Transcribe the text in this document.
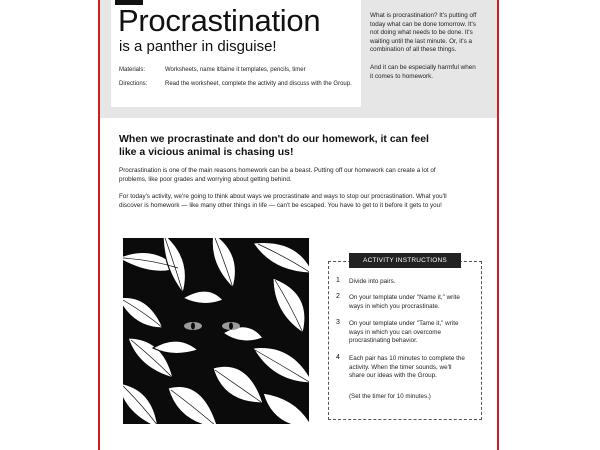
Procrastination
is a panther in disguise!
Materials:	Worksheets, name it/tame it templates, pencils, timer
Directions:	Read the worksheet, complete the activity and discuss with the Group.

What is procrastination? It's putting off today what can be done tomorrow. It's not doing what needs to be done. It's waiting until the last minute. Or, it's a combination of all these things.

And it can be especially harmful when it comes to homework.

When we procrastinate and don't do our homework, it can feel like a vicious animal is chasing us!

Procrastination is one of the main reasons homework can be a beast. Putting off our homework can create a lot of problems, like poor grades and worrying about getting behind.

For today's activity, we're going to think about ways we procrastinate and ways to stop our procrastination. What you'll discover is homework — like many other things in life — can't be escaped. You have to get to it before it gets to you!

ACTIVITY INSTRUCTIONS
1 Divide into pairs.
2 On your template under "Name it," write ways in which you procrastinate.
3 On your template under "Tame it," write ways in which you can overcome procrastinating behavior.
4 Each pair has 10 minutes to complete the activity. When the timer sounds, we'll share our ideas with the Group.
(Set the timer for 10 minutes.)
